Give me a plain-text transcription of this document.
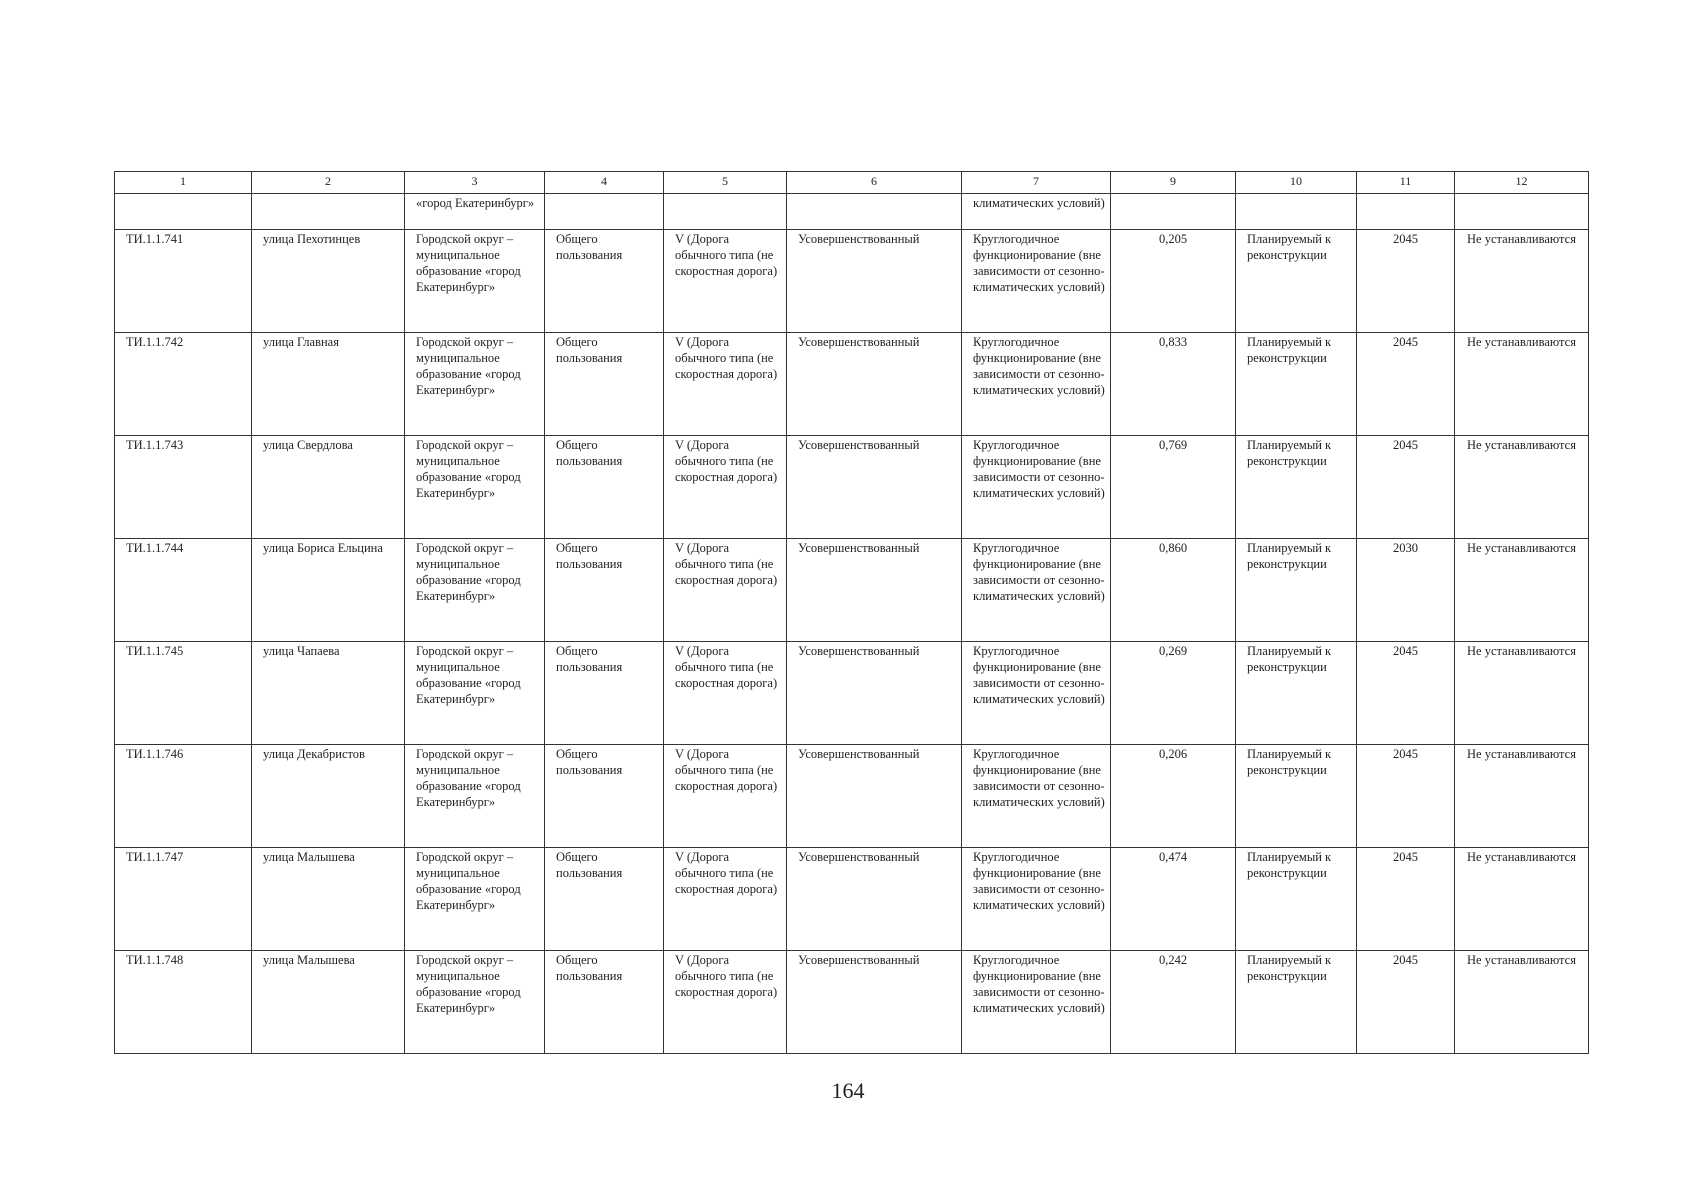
1	2	3	4	5	6	7	9	10	11	12
		«город Екатеринбург»				климатических условий)				
ТИ.1.1.741	улица Пехотинцев	Городской округ – муниципальное образование «город Екатеринбург»	Общего пользования	V (Дорога обычного типа (не скоростная дорога)	Усовершенствованный	Круглогодичное функционирование (вне зависимости от сезонно-климатических условий)	0,205	Планируемый к реконструкции	2045	Не устанавливаются
ТИ.1.1.742	улица Главная	Городской округ – муниципальное образование «город Екатеринбург»	Общего пользования	V (Дорога обычного типа (не скоростная дорога)	Усовершенствованный	Круглогодичное функционирование (вне зависимости от сезонно-климатических условий)	0,833	Планируемый к реконструкции	2045	Не устанавливаются
ТИ.1.1.743	улица Свердлова	Городской округ – муниципальное образование «город Екатеринбург»	Общего пользования	V (Дорога обычного типа (не скоростная дорога)	Усовершенствованный	Круглогодичное функционирование (вне зависимости от сезонно-климатических условий)	0,769	Планируемый к реконструкции	2045	Не устанавливаются
ТИ.1.1.744	улица Бориса Ельцина	Городской округ – муниципальное образование «город Екатеринбург»	Общего пользования	V (Дорога обычного типа (не скоростная дорога)	Усовершенствованный	Круглогодичное функционирование (вне зависимости от сезонно-климатических условий)	0,860	Планируемый к реконструкции	2030	Не устанавливаются
ТИ.1.1.745	улица Чапаева	Городской округ – муниципальное образование «город Екатеринбург»	Общего пользования	V (Дорога обычного типа (не скоростная дорога)	Усовершенствованный	Круглогодичное функционирование (вне зависимости от сезонно-климатических условий)	0,269	Планируемый к реконструкции	2045	Не устанавливаются
ТИ.1.1.746	улица Декабристов	Городской округ – муниципальное образование «город Екатеринбург»	Общего пользования	V (Дорога обычного типа (не скоростная дорога)	Усовершенствованный	Круглогодичное функционирование (вне зависимости от сезонно-климатических условий)	0,206	Планируемый к реконструкции	2045	Не устанавливаются
ТИ.1.1.747	улица Малышева	Городской округ – муниципальное образование «город Екатеринбург»	Общего пользования	V (Дорога обычного типа (не скоростная дорога)	Усовершенствованный	Круглогодичное функционирование (вне зависимости от сезонно-климатических условий)	0,474	Планируемый к реконструкции	2045	Не устанавливаются
ТИ.1.1.748	улица Малышева	Городской округ – муниципальное образование «город Екатеринбург»	Общего пользования	V (Дорога обычного типа (не скоростная дорога)	Усовершенствованный	Круглогодичное функционирование (вне зависимости от сезонно-климатических условий)	0,242	Планируемый к реконструкции	2045	Не устанавливаются
164
